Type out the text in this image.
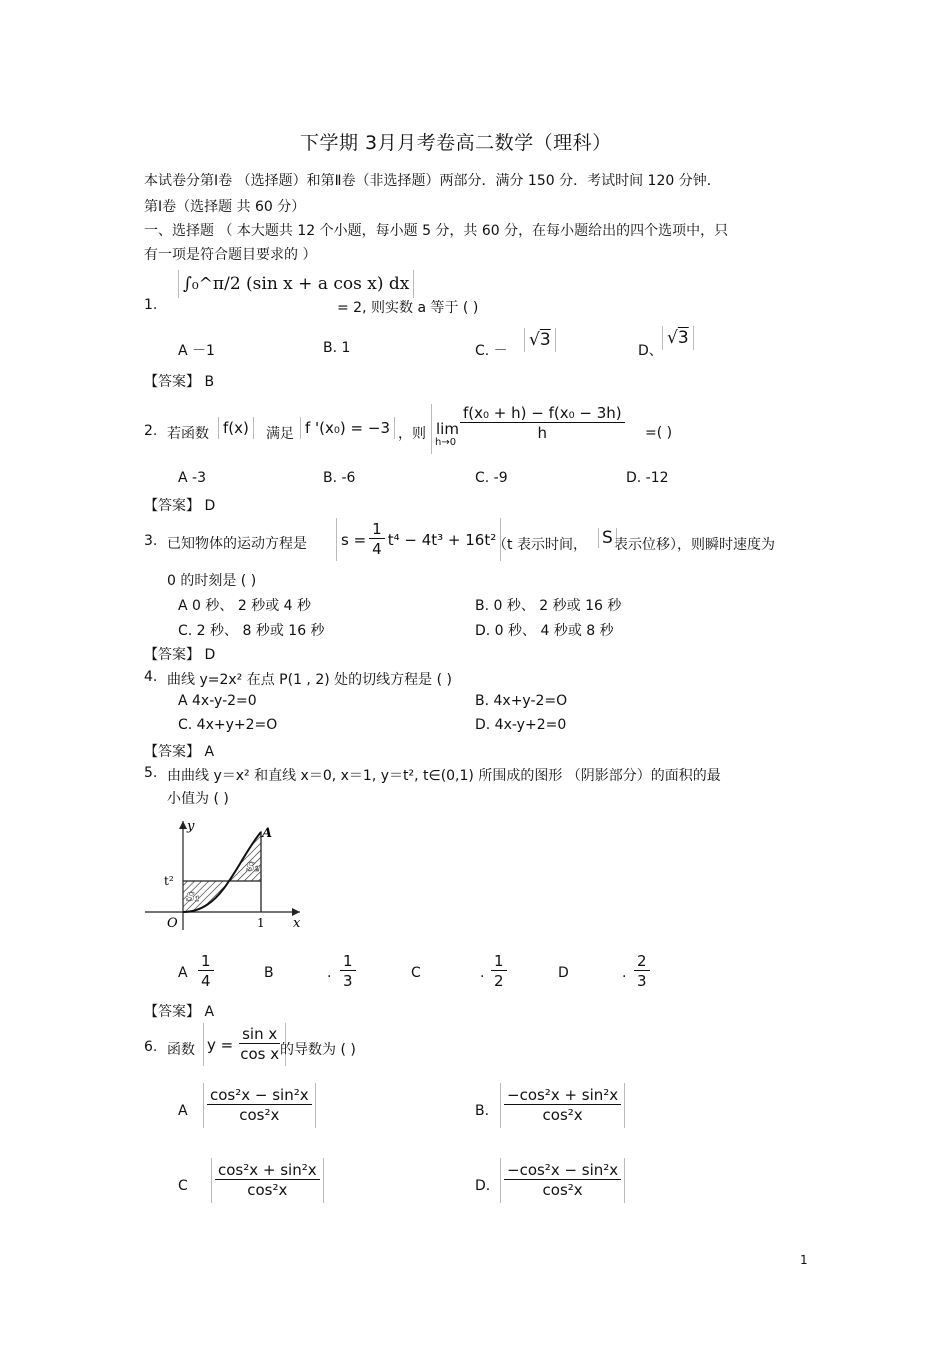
下学期 3月月考卷高二数学（理科）
本试卷分第Ⅰ卷 （选择题）和第Ⅱ卷（非选择题）两部分．满分 150 分．考试时间 120 分钟．
第Ⅰ卷（选择题 共 60 分）
一、选择题 （ 本大题共 12 个小题，每小题 5 分，共 60 分，在每小题给出的四个选项中，只
有一项是符合题目要求的 ）
1.
∫₀^π/2 (sin x + a cos x) dx
= 2, 则实数 a 等于 ( )
A －1	B. 1	C. －
√3
D、
√3
【答案】 B
2. 若函数 f(x)	满足 f '(x₀) = −3 ，则 lim
$h\to 0 \frac{\text{f(x₀ + h) − f(x₀ − 3h)}}{h}$ =( )
A -3	B. -6	C. -9	D. -12
【答案】 D
3. 已知物体的运动方程是 $s = \frac{1}{4} t^4 - 4t^3 + 16t^2$
（t 表示时间， S 表示位移），则瞬时速度为
0 的时刻是 ( )
A 0 秒、 2 秒或 4 秒	B. 0 秒、 2 秒或 16 秒
C. 2 秒、 8 秒或 16 秒	D. 0 秒、 4 秒或 8 秒
【答案】 D
4. 曲线 y=2x² 在点 P(1 , 2) 处的切线方程是 ( )
A 4x-y-2=0	B. 4x+y-2=O
C. 4x+y+2=O	D. 4x-y+2=0
【答案】 A
5. 由曲线 y＝x² 和直线 x＝0, x＝1, y＝t², t∈(0,1) 所围成的图形 （阴影部分）的面积的最
小值为 ( )
y
x
O
t²
1
A
S₁
S₂
A $\frac{1}{4}$	B	. $\frac{1}{3}$	C	. $\frac{1}{2}$	D	. $\frac{2}{3}$
【答案】 A
6. 函数 $y = \frac{\text{sin x}}{\text{cos x}}$
的导数为 ( )
A $\frac{\text{cos²x − sin²x}}{\text{cos²x}}$	B. $\frac{\text{−cos²x + sin²x}}{\text{cos²x}}$
C $\frac{\text{cos²x + sin²x}}{\text{cos²x}}$	D. $\frac{\text{−cos²x − sin²x}}{\text{cos²x}}$
1
